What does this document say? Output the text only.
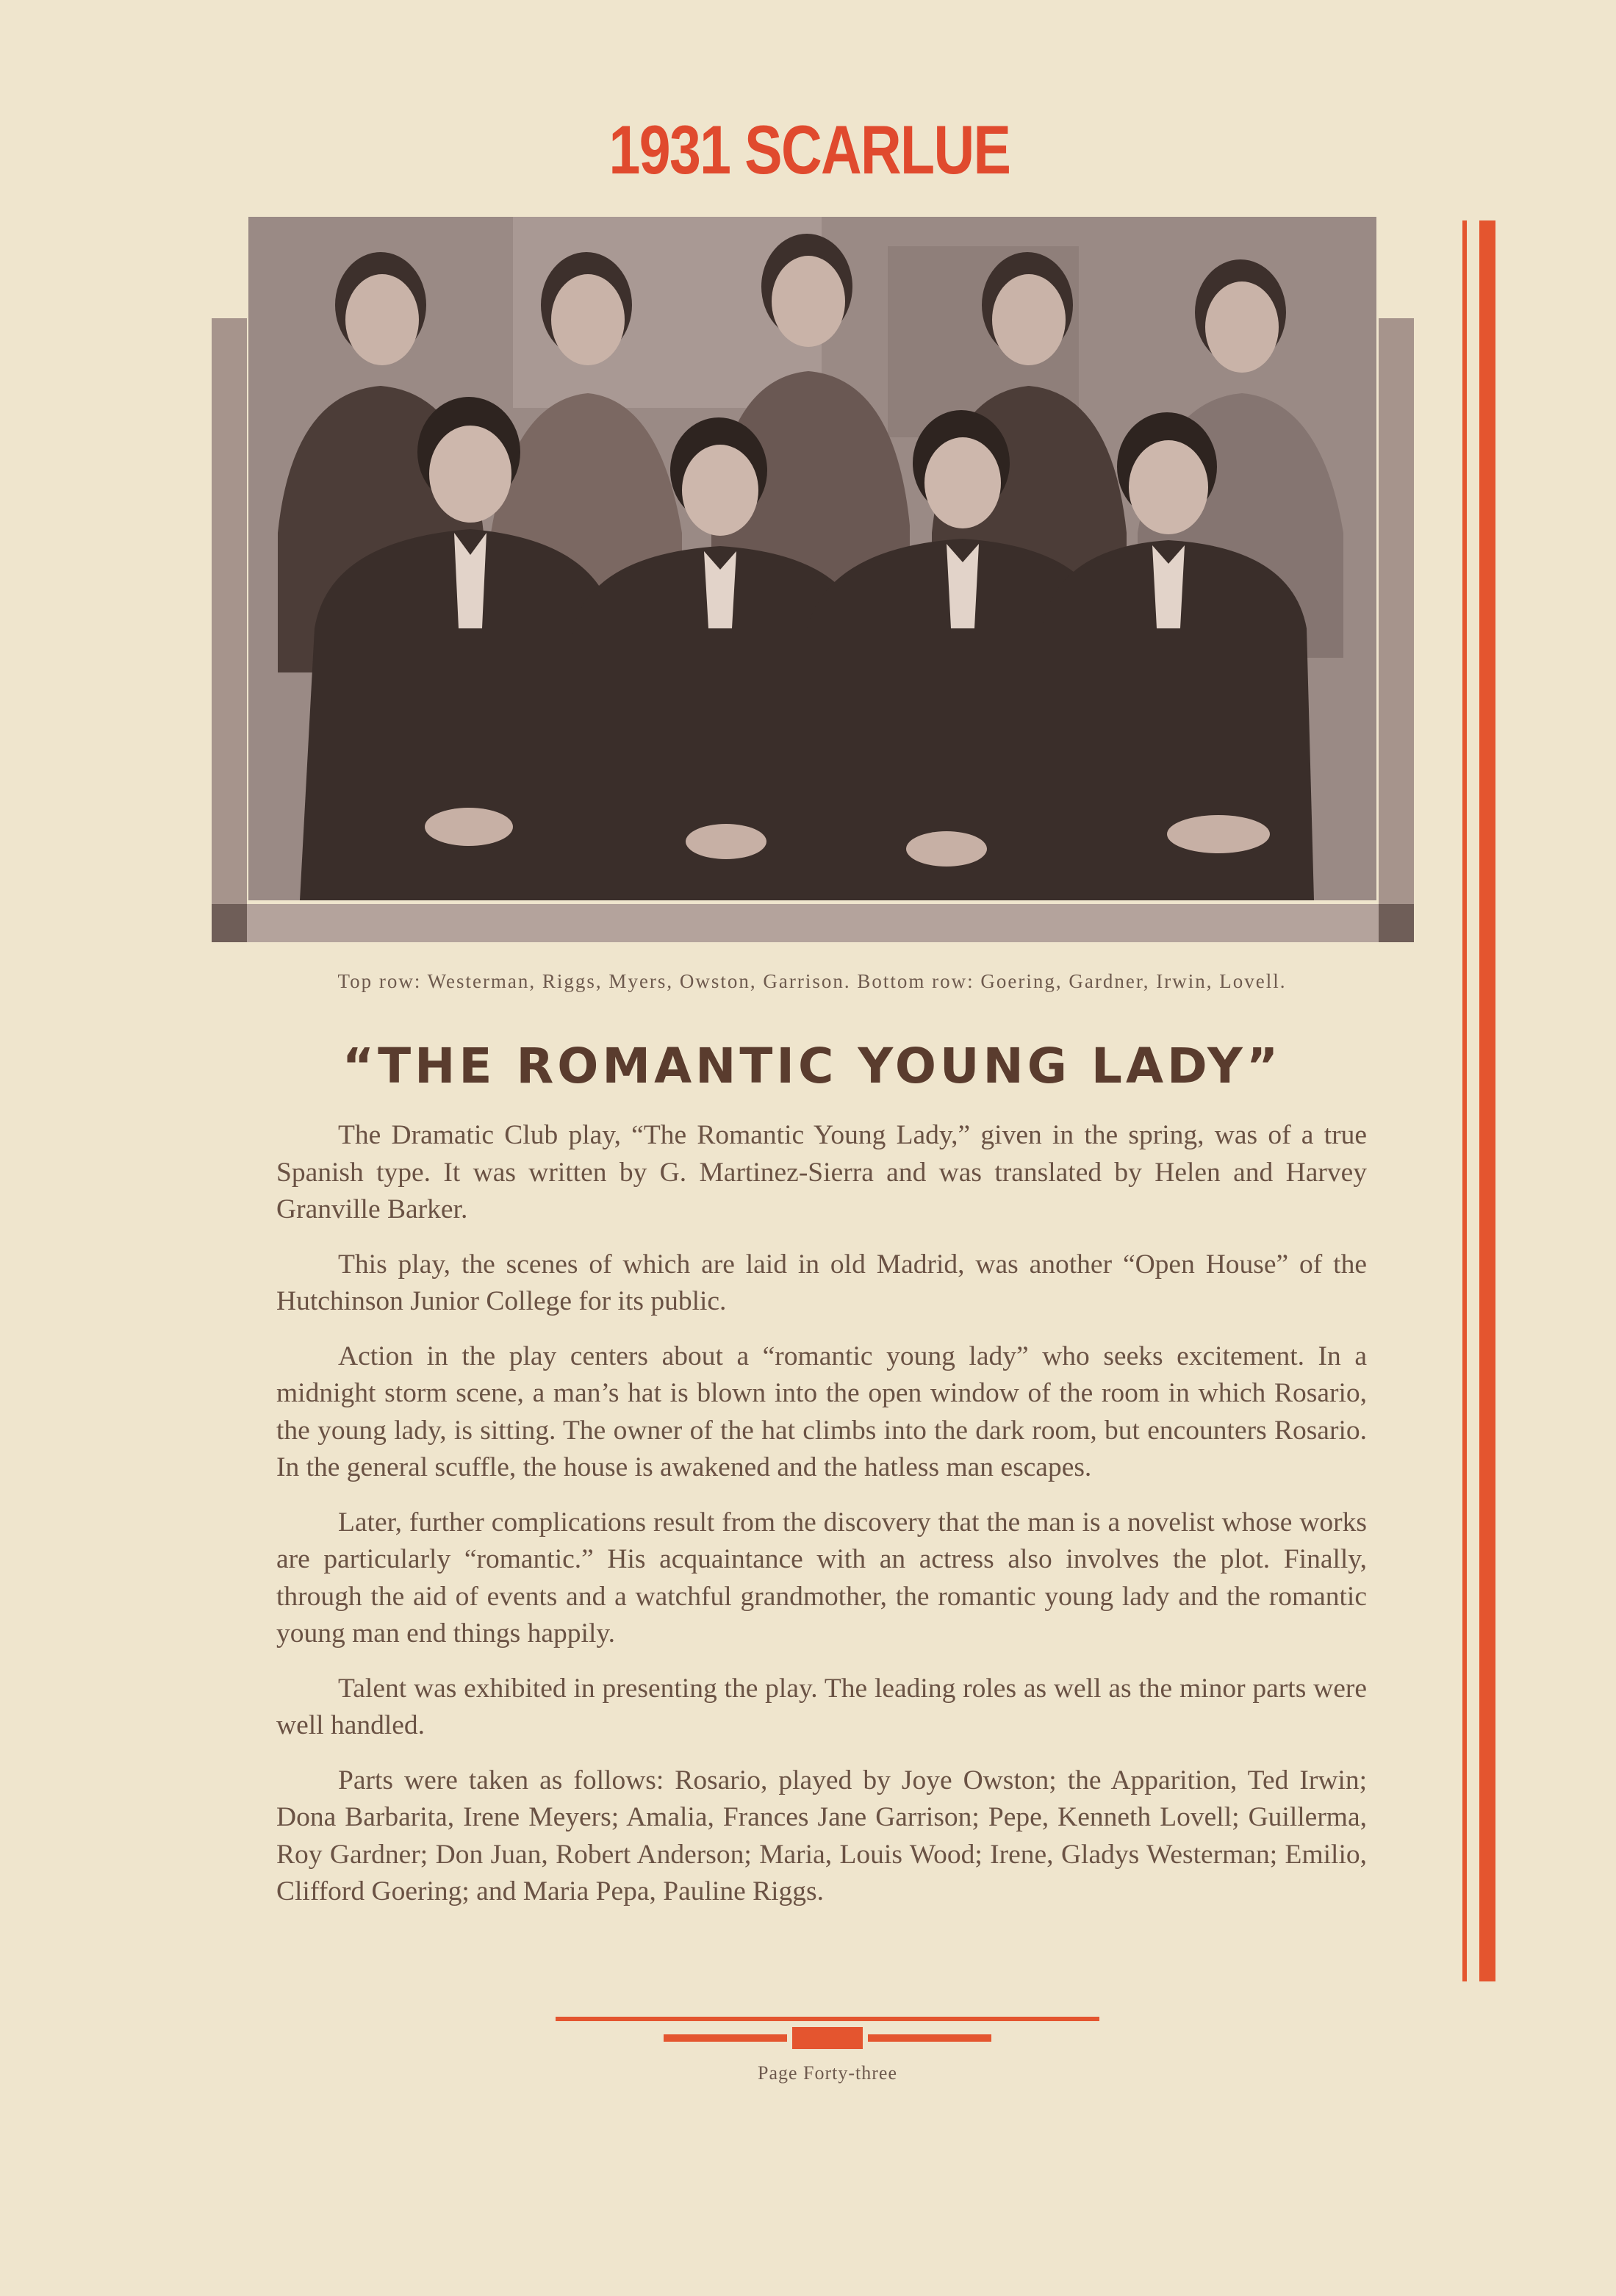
1931 SCARLUE
Top row: Westerman, Riggs, Myers, Owston, Garrison. Bottom row: Goering, Gardner, Irwin, Lovell.
“THE ROMANTIC YOUNG LADY”

The Dramatic Club play, “The Romantic Young Lady,” given in the spring, was of a true Spanish type. It was written by G. Martinez-Sierra and was translated by Helen and Harvey Granville Barker.

This play, the scenes of which are laid in old Madrid, was another “Open House” of the Hutchinson Junior College for its public.

Action in the play centers about a “romantic young lady” who seeks excitement. In a midnight storm scene, a man’s hat is blown into the open window of the room in which Rosario, the young lady, is sitting. The owner of the hat climbs into the dark room, but encounters Rosario. In the general scuffle, the house is awakened and the hatless man escapes.

Later, further complications result from the discovery that the man is a novelist whose works are particularly “romantic.” His acquaintance with an actress also involves the plot. Finally, through the aid of events and a watchful grandmother, the romantic young lady and the romantic young man end things happily.

Talent was exhibited in presenting the play. The leading roles as well as the minor parts were well handled.

Parts were taken as follows: Rosario, played by Joye Owston; the Apparition, Ted Irwin; Dona Barbarita, Irene Meyers; Amalia, Frances Jane Garrison; Pepe, Kenneth Lovell; Guillerma, Roy Gardner; Don Juan, Robert Anderson; Maria, Louis Wood; Irene, Gladys Westerman; Emilio, Clifford Goering; and Maria Pepa, Pauline Riggs.

Page Forty-three
